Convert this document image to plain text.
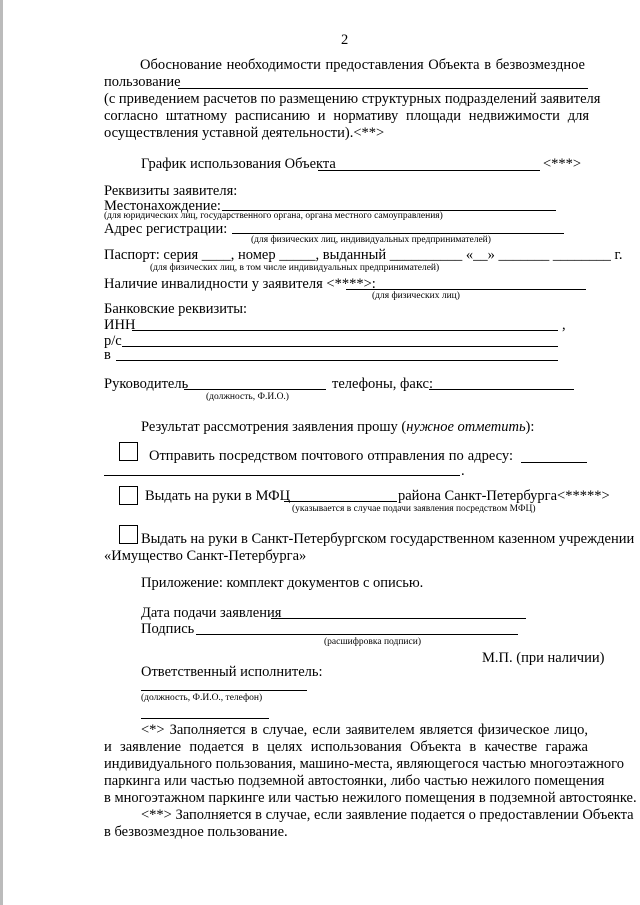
2
Обоснование необходимости предоставления Объекта в безвозмездное
пользование
(с приведением расчетов по размещению структурных подразделений заявителя
согласно штатному расписанию и нормативу площади недвижимости для
осуществления уставной деятельности).<**>
График использования Объекта	<***>
Реквизиты заявителя:
Местонахождение:
(для юридических лиц, государственного органа, органа местного самоуправления)
Адрес регистрации:
(для физических лиц, индивидуальных предпринимателей)
Паспорт: серия ____, номер _____, выданный __________ «__» _______ ________ г.
(для физических лиц, в том числе индивидуальных предпринимателей)
Наличие инвалидности у заявителя <****>:
(для физических лиц)
Банковские реквизиты:
ИНН	,
р/с
в
Руководитель	телефоны, факс:
(должность, Ф.И.О.)
Результат рассмотрения заявления прошу (нужное отметить):
Отправить посредством почтового отправления по адресу:
.
Выдать на руки в МФЦ	района Санкт-Петербурга<*****>
(указывается в случае подачи заявления посредством МФЦ)
Выдать на руки в Санкт-Петербургском государственном казенном учреждении
«Имущество Санкт-Петербурга»
Приложение: комплект документов с описью.
Дата подачи заявления
Подпись
(расшифровка подписи)
М.П. (при наличии)
Ответственный исполнитель:
(должность, Ф.И.О., телефон)
<*> Заполняется в случае, если заявителем является физическое лицо,
и заявление подается в целях использования Объекта в качестве гаража
индивидуального пользования, машино-места, являющегося частью многоэтажного
паркинга или частью подземной автостоянки, либо частью нежилого помещения
в многоэтажном паркинге или частью нежилого помещения в подземной автостоянке.
<**> Заполняется в случае, если заявление подается о предоставлении Объекта
в безвозмездное пользование.
